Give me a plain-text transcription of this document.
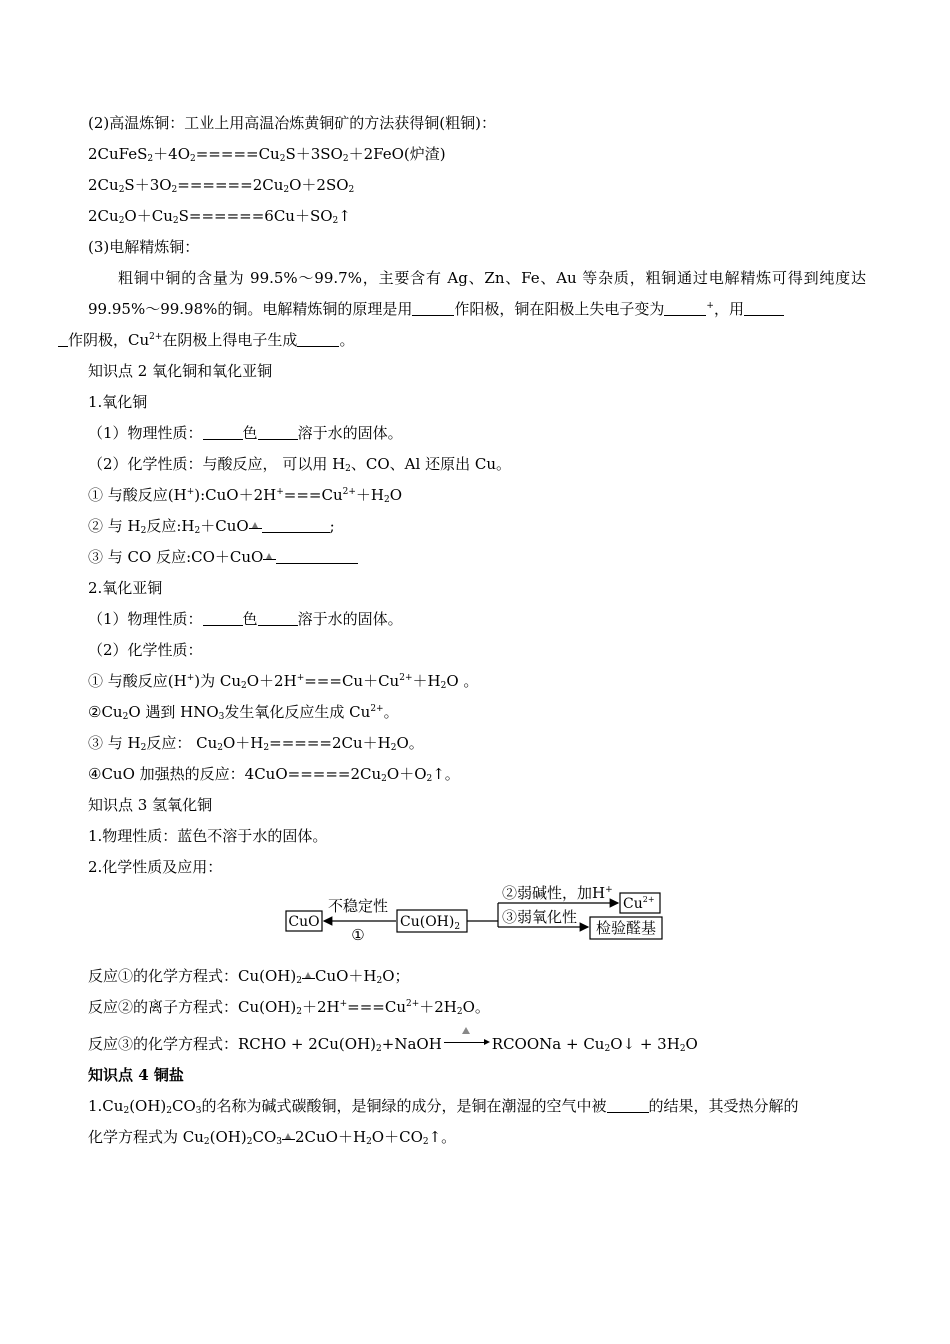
(2)高温炼铜：工业上用高温冶炼黄铜矿的方法获得铜(粗铜)：
$2CuFeS_2+4O_2=====Cu_2S+3SO_2+2FeO$(炉渣)
$2Cu_2S+3O_2======2Cu_2O+2SO_2$
$2Cu_2O+Cu_2S======6Cu+SO_2↑$
(3)电解精炼铜：
粗铜中铜的含量为 99.5%～99.7%，主要含有 Ag、Zn、Fe、Au 等杂质，粗铜通过电解精炼可得到纯度达 99.95%～99.98%的铜。电解精炼铜的原理是用	作阳极，铜在阳极上失电子变为	+，用
作阴极，$Cu^{2+}$在阴极上得电子生成	。
知识点 2 氧化铜和氧化亚铜
1.氧化铜
（1）物理性质：	色	溶于水的固体。
（2）化学性质：与酸反应， 可以用 $H_2$、CO、Al 还原出 Cu。
① 与酸反应$(H^+):CuO+2H^+===Cu^{2+}+H_2O$
② 与 $H_2$反应$:H_2+CuO$	;
③ 与 CO 反应:CO＋CuO
2.氧化亚铜
（1）物理性质：	色	溶于水的固体。
（2）化学性质：
① 与酸反应(H+)为 $Cu_2O+2H^+===Cu+Cu^{2+}+H_2O$ 。
$②Cu_2O$ 遇到 $HNO_3$发生氧化反应生成 $Cu^{2+}$。
③ 与 $H_2$反应： $Cu_2O+H_2=====2Cu+H_2O$。
④CuO 加强热的反应：$4CuO=====2Cu_2O+O_2↑$。
知识点 3 氢氧化铜
1.物理性质：蓝色不溶于水的固体。
2.化学性质及应用：
CuO
不稳定性
①
$Cu(OH)_2$
②弱碱性，加H+
③弱氧化性
$Cu^{2+}$
检验醛基
反应①的化学方程式：$Cu(OH)_2$ $CuO+H_2O$；
反应②的离子方程式：$Cu(OH)_2+2H^+===Cu^{2+}+2H_2O$。
反应③的化学方程式：RCHO + $2Cu(OH)_2+NaOH$	RCOONa + $Cu_2O↓ + 3H_2O$
知识点 4 铜盐
$1.Cu_2(OH)_2CO_3$的名称为碱式碳酸铜，是铜绿的成分，是铜在潮湿的空气中被	的结果，其受热分解的
化学方程式为 $Cu_2(OH)_2CO_3$ $2CuO+H_2O+CO_2↑$。
